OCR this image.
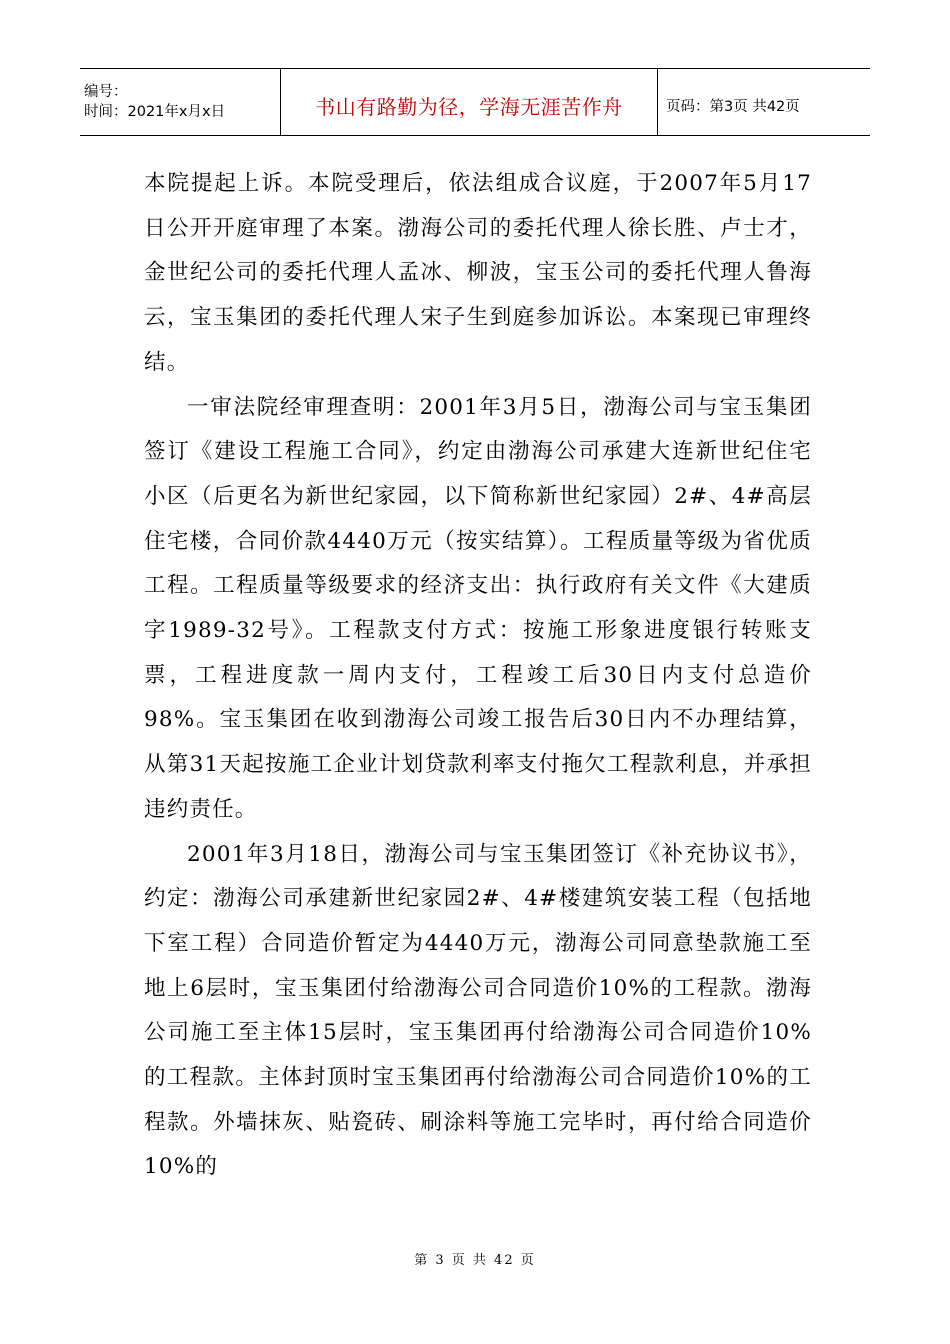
编号：
时间：2021年x月x日	书山有路勤为径，学海无涯苦作舟	页码：第3页 共42页

本院提起上诉。本院受理后，依法组成合议庭，于2007年5月17日公开开庭审理了本案。渤海公司的委托代理人徐长胜、卢士才，金世纪公司的委托代理人孟冰、柳波，宝玉公司的委托代理人鲁海云，宝玉集团的委托代理人宋子生到庭参加诉讼。本案现已审理终结。

一审法院经审理查明：2001年3月5日，渤海公司与宝玉集团签订《建设工程施工合同》，约定由渤海公司承建大连新世纪住宅小区（后更名为新世纪家园，以下简称新世纪家园）2#、4#高层住宅楼，合同价款4440万元（按实结算）。工程质量等级为省优质工程。工程质量等级要求的经济支出：执行政府有关文件《大建质字1989-32号》。工程款支付方式：按施工形象进度银行转账支票，工程进度款一周内支付，工程竣工后30日内支付总造价98%。宝玉集团在收到渤海公司竣工报告后30日内不办理结算，从第31天起按施工企业计划贷款利率支付拖欠工程款利息，并承担违约责任。

2001年3月18日，渤海公司与宝玉集团签订《补充协议书》，约定：渤海公司承建新世纪家园2#、4#楼建筑安装工程（包括地下室工程）合同造价暂定为4440万元，渤海公司同意垫款施工至地上6层时，宝玉集团付给渤海公司合同造价10%的工程款。渤海公司施工至主体15层时，宝玉集团再付给渤海公司合同造价10%的工程款。主体封顶时宝玉集团再付给渤海公司合同造价10%的工程款。外墙抹灰、贴瓷砖、刷涂料等施工完毕时，再付给合同造价10%的

第 3 页 共 42 页
